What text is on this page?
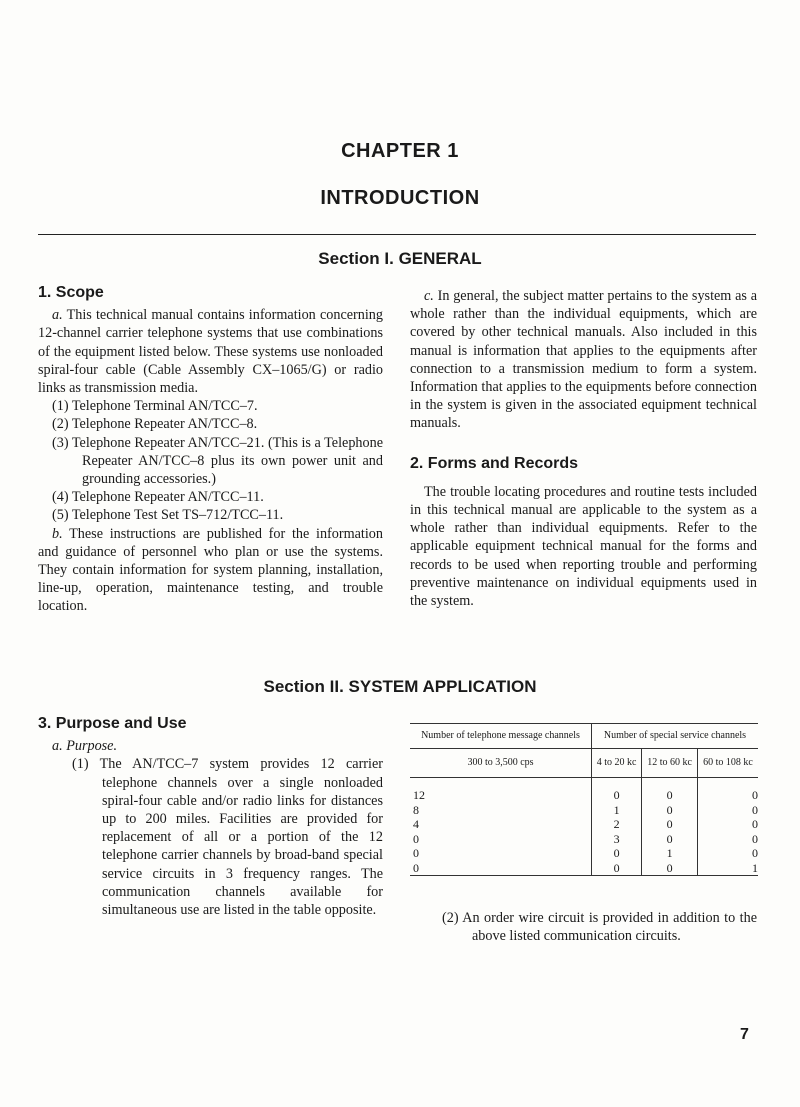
CHAPTER 1
INTRODUCTION
Section I. GENERAL
1. Scope

a. This technical manual contains information concerning 12-channel carrier telephone systems that use combinations of the equipment listed below. These systems use nonloaded spiral-four cable (Cable Assembly CX–1065/G) or radio links as transmission media.

(1) Telephone Terminal AN/TCC–7.

(2) Telephone Repeater AN/TCC–8.

(3) Telephone Repeater AN/TCC–21. (This is a Telephone Repeater AN/TCC–8 plus its own power unit and grounding accessories.)

(4) Telephone Repeater AN/TCC–11.

(5) Telephone Test Set TS–712/TCC–11.

b. These instructions are published for the information and guidance of personnel who plan or use the systems. They contain information for system planning, installation, line-up, operation, maintenance testing, and trouble location.

c. In general, the subject matter pertains to the system as a whole rather than the individual equipments, which are covered by other technical manuals. Also included in this manual is information that applies to the equipments after connection to a transmission medium to form a system. Information that applies to the equipments before connection in the system is given in the associated equipment technical manuals.

2. Forms and Records

The trouble locating procedures and routine tests included in this technical manual are applicable to the system as a whole rather than individual equipments. Refer to the applicable equipment technical manual for the forms and records to be used when reporting trouble and performing preventive maintenance on individual equipments used in the system.

Section II. SYSTEM APPLICATION
3. Purpose and Use

a. Purpose.

(1) The AN/TCC–7 system provides 12 carrier telephone channels over a single nonloaded spiral-four cable and/or radio links for distances up to 200 miles. Facilities are provided for replacement of all or a portion of the 12 telephone carrier channels by broad-band special service circuits in 3 frequency ranges. The communication channels available for simultaneous use are listed in the table opposite.

Number of telephone message channels	Number of special service channels		
300 to 3,500 cps	4 to 20 kc	12 to 60 kc	60 to 108 kc

12	0	0	0
8	1	0	0
4	2	0	0
0	3	0	0
0	0	1	0
0	0	0	1

(2) An order wire circuit is provided in addition to the above listed communication circuits.

7
